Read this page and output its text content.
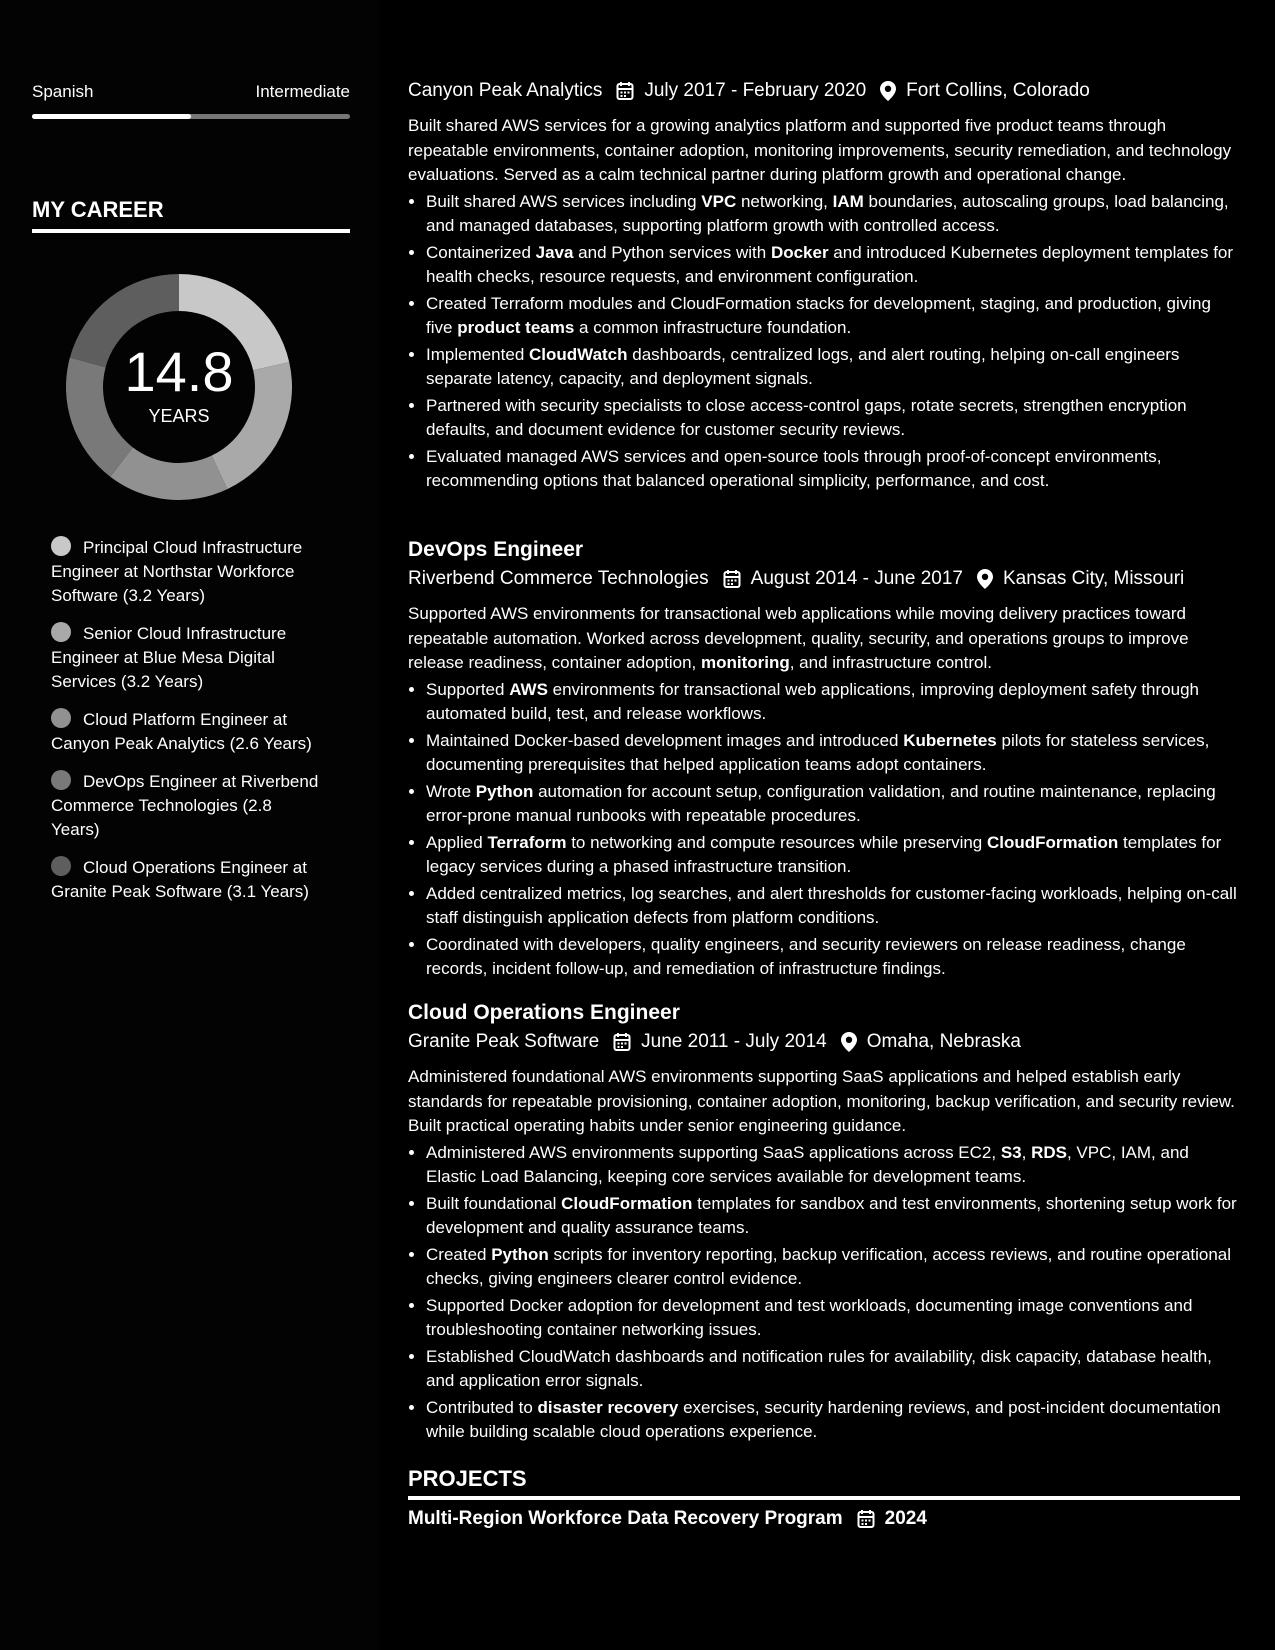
Spanish	Intermediate
MY CAREER
14.8
YEARS
Principal Cloud Infrastructure Engineer at Northstar Workforce Software (3.2 Years)
Senior Cloud Infrastructure Engineer at Blue Mesa Digital Services (3.2 Years)
Cloud Platform Engineer at Canyon Peak Analytics (2.6 Years)
DevOps Engineer at Riverbend Commerce Technologies (2.8 Years)
Cloud Operations Engineer at Granite Peak Software (3.1 Years)
Canyon Peak Analytics July 2017 - February 2020 Fort Collins, Colorado

Built shared AWS services for a growing analytics platform and supported five product teams through repeatable environments, container adoption, monitoring improvements, security remediation, and technology evaluations. Served as a calm technical partner during platform growth and operational change.

• Built shared AWS services including VPC networking, IAM boundaries, autoscaling groups, load balancing, and managed databases, supporting platform growth with controlled access.
• Containerized Java and Python services with Docker and introduced Kubernetes deployment templates for health checks, resource requests, and environment configuration.
• Created Terraform modules and CloudFormation stacks for development, staging, and production, giving five product teams a common infrastructure foundation.
• Implemented CloudWatch dashboards, centralized logs, and alert routing, helping on-call engineers separate latency, capacity, and deployment signals.
• Partnered with security specialists to close access-control gaps, rotate secrets, strengthen encryption defaults, and document evidence for customer security reviews.
• Evaluated managed AWS services and open-source tools through proof-of-concept environments, recommending options that balanced operational simplicity, performance, and cost.
DevOps Engineer
Riverbend Commerce Technologies August 2014 - June 2017 Kansas City, Missouri

Supported AWS environments for transactional web applications while moving delivery practices toward repeatable automation. Worked across development, quality, security, and operations groups to improve release readiness, container adoption, monitoring, and infrastructure control.

• Supported AWS environments for transactional web applications, improving deployment safety through automated build, test, and release workflows.
• Maintained Docker-based development images and introduced Kubernetes pilots for stateless services, documenting prerequisites that helped application teams adopt containers.
• Wrote Python automation for account setup, configuration validation, and routine maintenance, replacing error-prone manual runbooks with repeatable procedures.
• Applied Terraform to networking and compute resources while preserving CloudFormation templates for legacy services during a phased infrastructure transition.
• Added centralized metrics, log searches, and alert thresholds for customer-facing workloads, helping on-call staff distinguish application defects from platform conditions.
• Coordinated with developers, quality engineers, and security reviewers on release readiness, change records, incident follow-up, and remediation of infrastructure findings.
Cloud Operations Engineer
Granite Peak Software June 2011 - July 2014 Omaha, Nebraska

Administered foundational AWS environments supporting SaaS applications and helped establish early standards for repeatable provisioning, container adoption, monitoring, backup verification, and security review. Built practical operating habits under senior engineering guidance.

• Administered AWS environments supporting SaaS applications across EC2, S3, RDS, VPC, IAM, and Elastic Load Balancing, keeping core services available for development teams.
• Built foundational CloudFormation templates for sandbox and test environments, shortening setup work for development and quality assurance teams.
• Created Python scripts for inventory reporting, backup verification, access reviews, and routine operational checks, giving engineers clearer control evidence.
• Supported Docker adoption for development and test workloads, documenting image conventions and troubleshooting container networking issues.
• Established CloudWatch dashboards and notification rules for availability, disk capacity, database health, and application error signals.
• Contributed to disaster recovery exercises, security hardening reviews, and post-incident documentation while building scalable cloud operations experience.
PROJECTS
Multi-Region Workforce Data Recovery Program 2024
